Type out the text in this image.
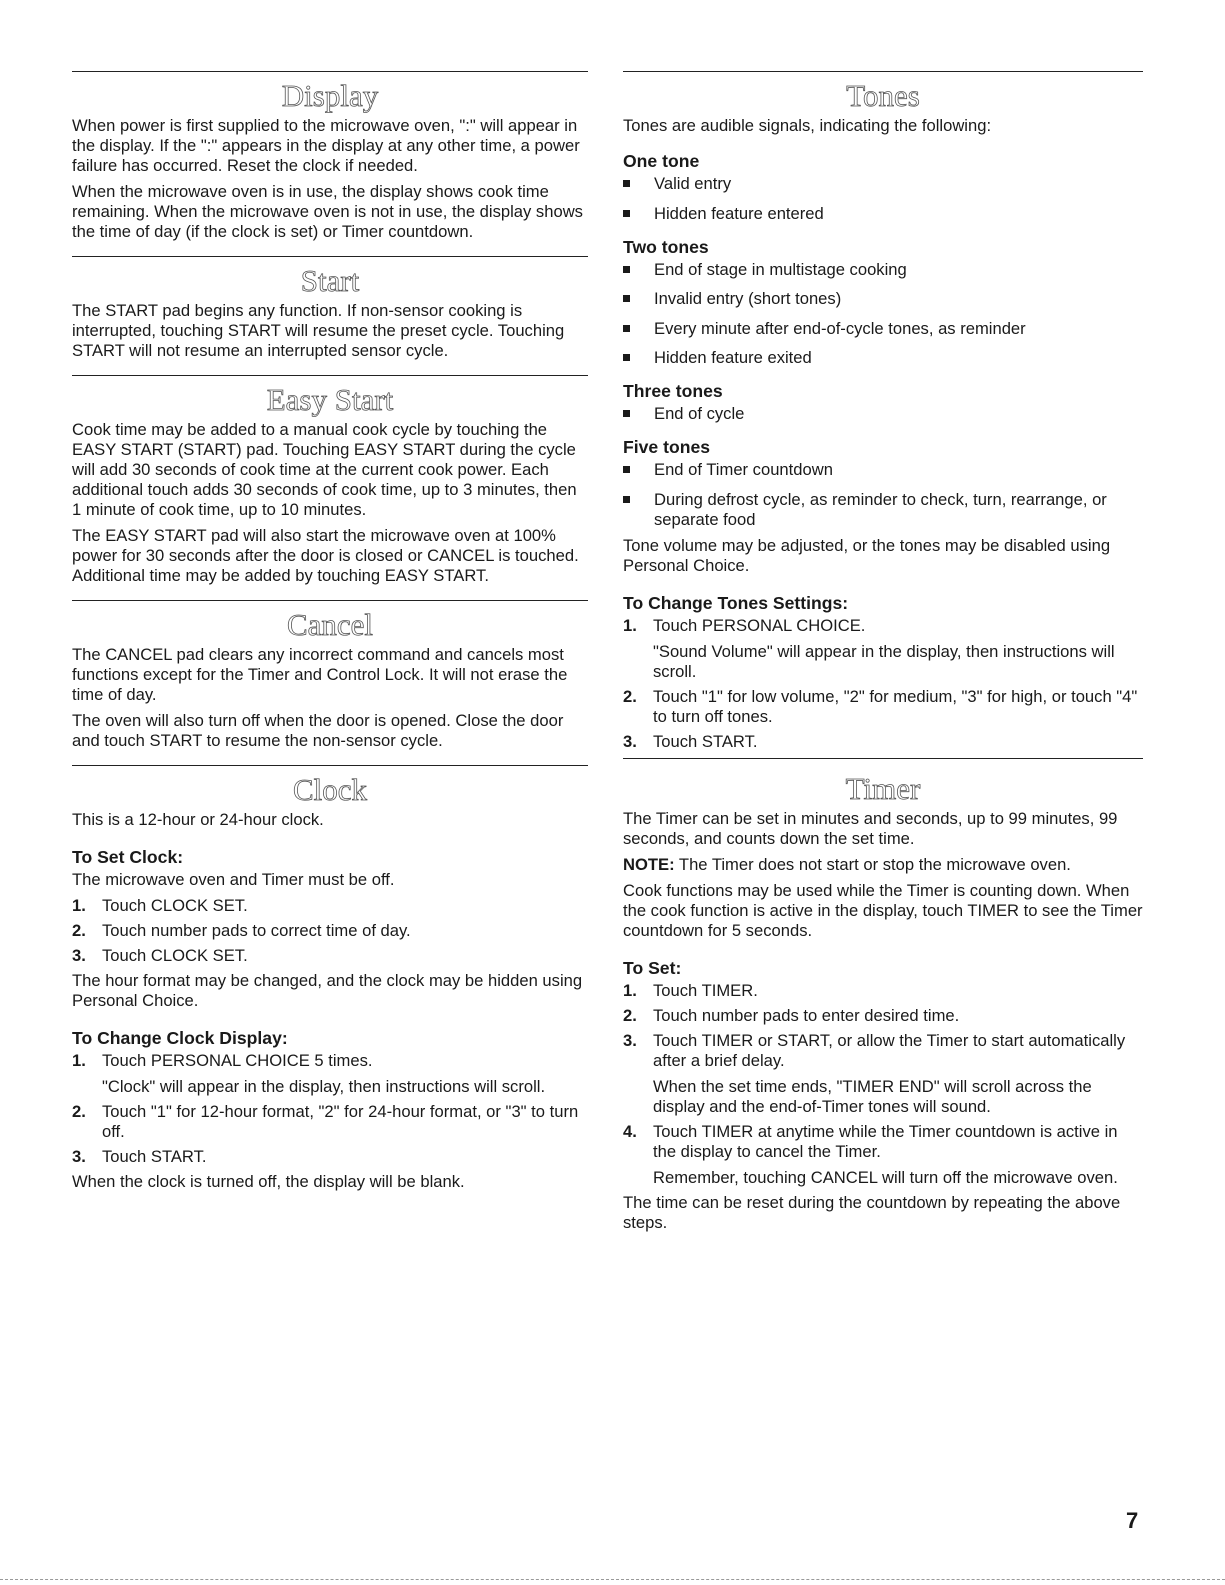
Display

When power is first supplied to the microwave oven, ":" will appear in the display. If the ":" appears in the display at any other time, a power failure has occurred. Reset the clock if needed.

When the microwave oven is in use, the display shows cook time remaining. When the microwave oven is not in use, the display shows the time of day (if the clock is set) or Timer countdown.

Start

The START pad begins any function. If non-sensor cooking is interrupted, touching START will resume the preset cycle. Touching START will not resume an interrupted sensor cycle.

Easy Start

Cook time may be added to a manual cook cycle by touching the EASY START (START) pad. Touching EASY START during the cycle will add 30 seconds of cook time at the current cook power. Each additional touch adds 30 seconds of cook time, up to 3 minutes, then 1 minute of cook time, up to 10 minutes.

The EASY START pad will also start the microwave oven at 100% power for 30 seconds after the door is closed or CANCEL is touched. Additional time may be added by touching EASY START.

Cancel

The CANCEL pad clears any incorrect command and cancels most functions except for the Timer and Control Lock. It will not erase the time of day.

The oven will also turn off when the door is opened. Close the door and touch START to resume the non-sensor cycle.

Clock

This is a 12-hour or 24-hour clock.

To Set Clock:

The microwave oven and Timer must be off.

1. Touch CLOCK SET.
2. Touch number pads to correct time of day.
3. Touch CLOCK SET.

The hour format may be changed, and the clock may be hidden using Personal Choice.

To Change Clock Display:
1. Touch PERSONAL CHOICE 5 times.
"Clock" will appear in the display, then instructions will scroll.
2. Touch "1" for 12-hour format, "2" for 24-hour format, or "3" to turn off.
3. Touch START.

When the clock is turned off, the display will be blank.

Tones

Tones are audible signals, indicating the following:

One tone
Valid entry
Hidden feature entered
Two tones
End of stage in multistage cooking
Invalid entry (short tones)
Every minute after end-of-cycle tones, as reminder
Hidden feature exited
Three tones
End of cycle
Five tones
End of Timer countdown
During defrost cycle, as reminder to check, turn, rearrange, or separate food

Tone volume may be adjusted, or the tones may be disabled using Personal Choice.

To Change Tones Settings:
1. Touch PERSONAL CHOICE.
"Sound Volume" will appear in the display, then instructions will scroll.
2. Touch "1" for low volume, "2" for medium, "3" for high, or touch "4" to turn off tones.
3. Touch START.
Timer

The Timer can be set in minutes and seconds, up to 99 minutes, 99 seconds, and counts down the set time.

NOTE: The Timer does not start or stop the microwave oven.

Cook functions may be used while the Timer is counting down. When the cook function is active in the display, touch TIMER to see the Timer countdown for 5 seconds.

To Set:
1. Touch TIMER.
2. Touch number pads to enter desired time.
3. Touch TIMER or START, or allow the Timer to start automatically after a brief delay.
When the set time ends, "TIMER END" will scroll across the display and the end-of-Timer tones will sound.
4. Touch TIMER at anytime while the Timer countdown is active in the display to cancel the Timer.
Remember, touching CANCEL will turn off the microwave oven.

The time can be reset during the countdown by repeating the above steps.

7
